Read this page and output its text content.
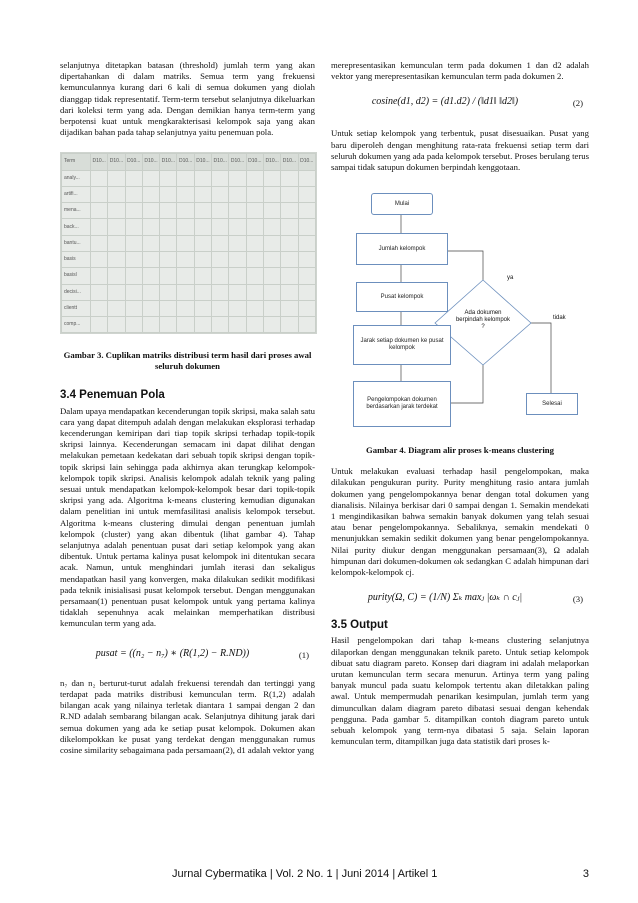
selanjutnya ditetapkan batasan (threshold) jumlah term yang akan dipertahankan di dalam matriks. Semua term yang frekuensi kemunculannya kurang dari 6 kali di semua dokumen yang diolah dianggap tidak representatif. Term-term tersebut selanjutnya dikeluarkan dari koleksi term yang ada. Dengan demikian hanya term-term yang berpotensi kuat untuk mengkarakterisasi kelompok saja yang akan dijadikan bahan pada tahap selanjutnya yaitu penemuan pola.

Term	D10...	D10...	D10...	D10...	D10...	D10...	D10...	D10...	D10...	D10...	D10...	D10...	D10...
analy...													
artifi...													
mena...													
back...													
bantu...													
basis													
basisl													
decisi...													
clientt													
comp...													

Gambar 3. Cuplikan matriks distribusi term hasil dari proses awal seluruh dokumen

3.4 Penemuan Pola

Dalam upaya mendapatkan kecenderungan topik skripsi, maka salah satu cara yang dapat ditempuh adalah dengan melakukan eksplorasi terhadap kecenderungan kemiripan dari tiap topik skripsi terhadap topik-topik skripsi lainnya. Kecenderungan semacam ini dapat dilihat dengan melakukan pemetaan kedekatan dari sebuah topik skripsi dengan topik-topik skripsi lain sehingga pada akhirnya akan terungkap kelompok-kelompok topik skripsi. Analisis kelompok adalah teknik yang paling sesuai untuk mendapatkan kelompok-kelompok besar dari topik-topik skripsi yang ada. Algoritma k-means clustering kemudian digunakan dalam penelitian ini untuk memfasilitasi analisis kelompok tersebut. Algoritma k-means clustering dimulai dengan penentuan jumlah kelompok (cluster) yang akan dibentuk (lihat gambar 4). Tahap selanjutnya adalah penentuan pusat dari setiap kelompok yang akan dibentuk. Untuk pertama kalinya pusat kelompok ini ditentukan secara acak. Namun, untuk menghindari jumlah iterasi dan sekaligus mendapatkan hasil yang konvergen, maka dilakukan sedikit modifikasi pada teknik inisialisasi pusat kelompok tersebut. Dengan menggunakan persamaan(1) penentuan pusat kelompok untuk yang pertama kalinya tidaklah sepenuhnya acak melainkan memperhatikan distribusi kemunculan term yang ada.

pusat = ((n₂ − n₇) ∗ (R(1,2) − R.ND))	(1)

n₇ dan n₂ berturut-turut adalah frekuensi terendah dan tertinggi yang terdapat pada matriks distribusi kemunculan term. R(1,2) adalah bilangan acak yang nilainya terletak diantara 1 sampai dengan 2 dan R.ND adalah sembarang bilangan acak. Selanjutnya dihitung jarak dari semua dokumen yang ada ke setiap pusat kelompok. Dokumen akan dikelompokkan ke pusat yang terdekat dengan menggunakan rumus cosine similarity sebagaimana pada persamaan(2), d1 adalah vektor yang

merepresentasikan kemunculan term pada dokumen 1 dan d2 adalah vektor yang merepresentasikan kemunculan term pada dokumen 2.

cosine(d1, d2) = (d1.d2) / (‖d1‖ ‖d2‖)	(2)

Untuk setiap kelompok yang terbentuk, pusat disesuaikan. Pusat yang baru diperoleh dengan menghitung rata-rata frekuensi setiap term dari seluruh dokumen yang ada pada kelompok tersebut. Proses berulang terus sampai tidak satupun dokumen berpindah kenggotaan.

Mulai
Jumlah kelompok
Pusat kelompok
Jarak setiap dokumen ke pusat kelompok
Pengelompokan dokumen berdasarkan jarak terdekat
Ada dokumen berpindah kelompok ?
Selesai
ya
tidak

Gambar 4. Diagram alir proses k-means clustering

Untuk melakukan evaluasi terhadap hasil pengelompokan, maka dilakukan pengukuran purity. Purity menghitung rasio antara jumlah dokumen yang pengelompokannya benar dengan total dokumen yang dianalisis. Nilainya berkisar dari 0 sampai dengan 1. Semakin mendekati 1 mengindikasikan bahwa semakin banyak dokumen yang telah sesuai atau benar pengelompokannya. Sebaliknya, semakin mendekati 0 menunjukkan semakin sedikit dokumen yang benar pengelompokannya. Nilai purity diukur dengan menggunakan persamaan(3), Ω adalah himpunan dari dokumen-dokumen ωk sedangkan C adalah himpunan dari kelompok-kelompok cj.

purity(Ω, C) = (1/N) Σₖ maxⱼ |ωₖ ∩ cⱼ|	(3)

3.5 Output

Hasil pengelompokan dari tahap k-means clustering selanjutnya dilaporkan dengan menggunakan teknik pareto. Untuk setiap kelompok dibuat satu diagram pareto. Konsep dari diagram ini adalah melaporkan urutan kemunculan term secara menurun. Artinya term yang paling banyak muncul pada suatu kelompok tertentu akan diletakkan paling awal. Untuk mempermudah penarikan kesimpulan, jumlah term yang dimunculkan dalam diagram pareto dibatasi sesuai dengan kehendak pengguna. Pada gambar 5. ditampilkan contoh diagram pareto untuk sebuah kelompok yang term-nya dibatasi 5 saja. Selain laporan kemunculan term, ditampilkan juga data statistik dari proses k-

Jurnal Cybermatika | Vol. 2 No. 1 | Juni 2014 | Artikel 1	3
